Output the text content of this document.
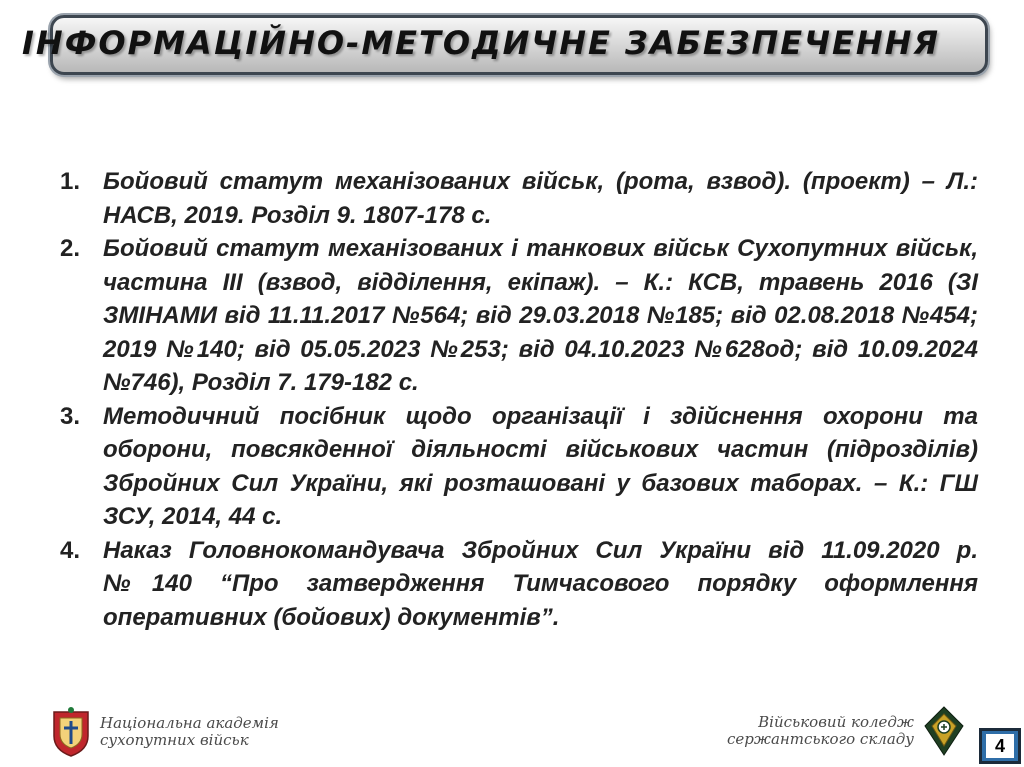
ІНФОРМАЦІЙНО-МЕТОДИЧНЕ ЗАБЕЗПЕЧЕННЯ
1. Бойовий статут механізованих військ, (рота, взвод). (проект) – Л.: НАСВ, 2019. Розділ 9. 1807-178 с.
2. Бойовий статут механізованих і танкових військ Сухопутних військ, частина III (взвод, відділення, екіпаж). – К.: КСВ, травень 2016 (ЗІ ЗМІНАМИ від 11.11.2017 №564; від 29.03.2018 №185; від 02.08.2018 №454; 2019 №140; від 05.05.2023 №253; від 04.10.2023 №628од; від 10.09.2024 №746), Розділ 7. 179-182 с.
3. Методичний посібник щодо організації і здійснення охорони та оборони, повсякденної діяльності військових частин (підрозділів) Збройних Сил України, які розташовані у базових таборах. – К.: ГШ ЗСУ, 2014, 44 с.
4. Наказ Головнокомандувача Збройних Сил України від 11.09.2020 р. №140 “Про затвердження Тимчасового порядку оформлення оперативних (бойових) документів”.
Національна академія
сухопутних військ
Військовий коледж
сержантського складу	4
